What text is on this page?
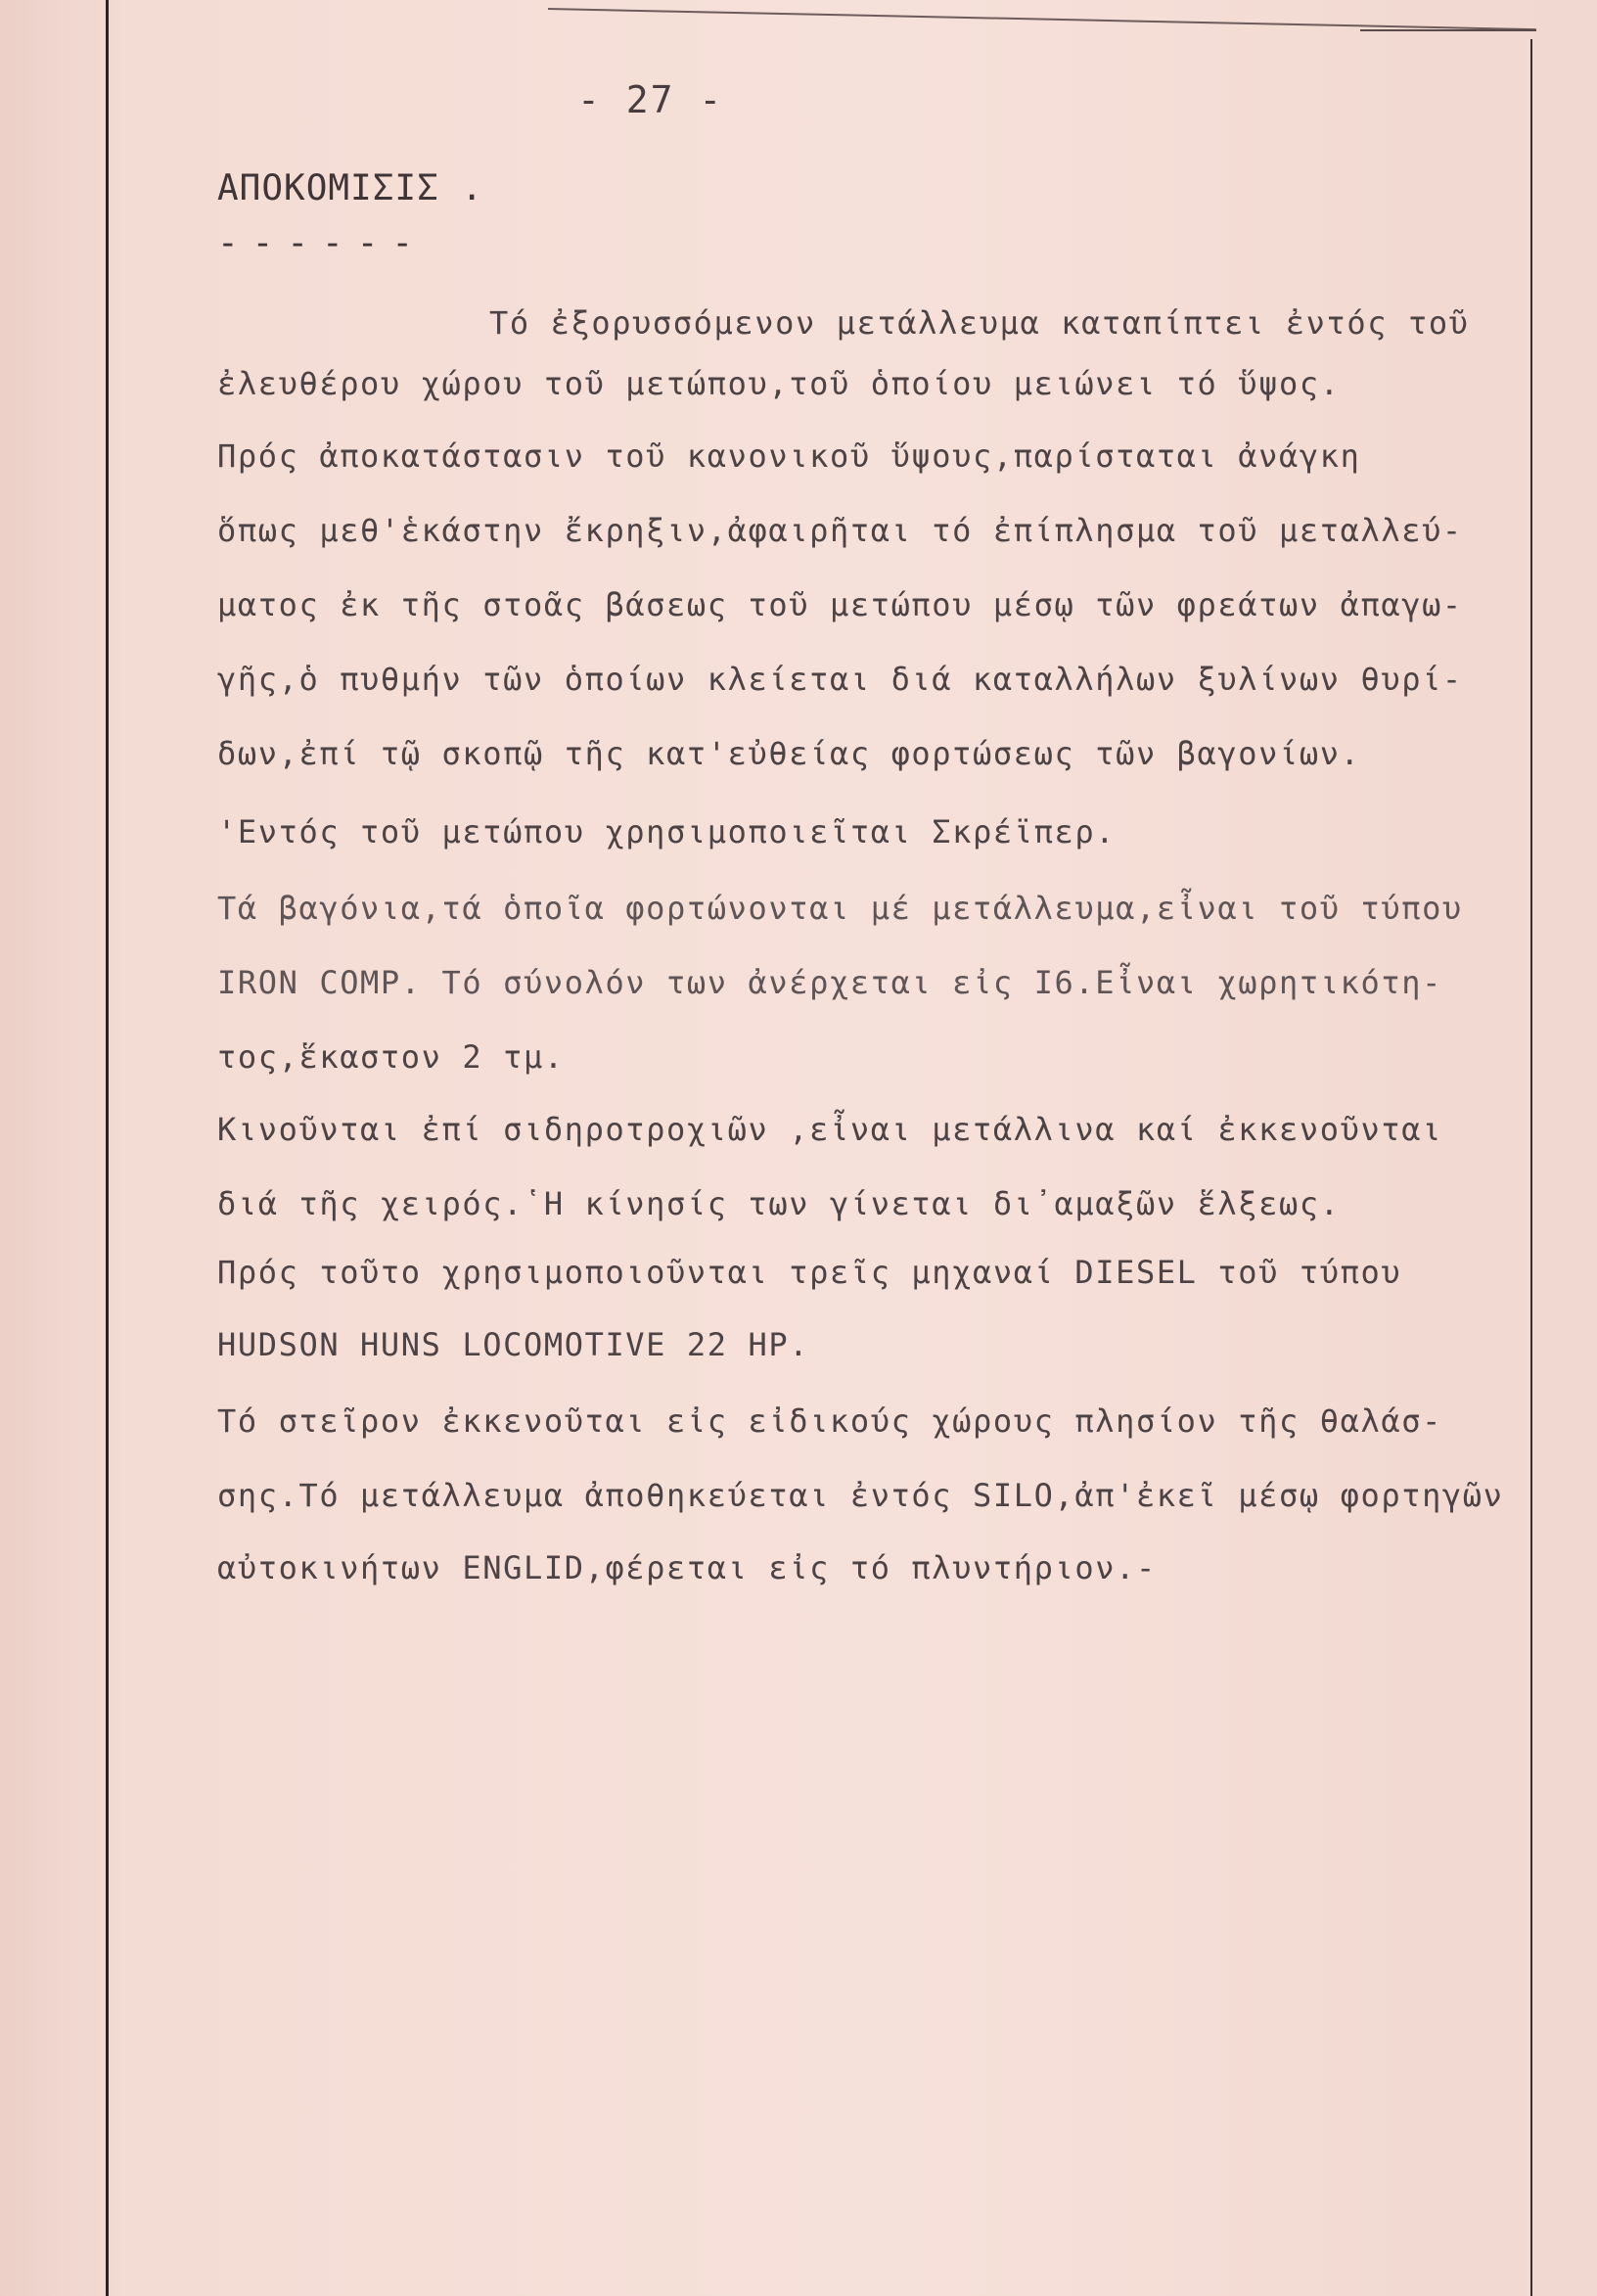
- 27 -
ΑΠΟΚΟΜΙΣΙΣ .
------
Τό ἐξορυσσόμενον μετάλλευμα καταπίπτει ἐντός τοῦ
ἐλευθέρου χώρου τοῦ μετώπου,τοῦ ὁποίου μειώνει τό ὕψος.
Πρός ἀποκατάστασιν τοῦ κανονικοῦ ὕψους,παρίσταται ἀνάγκη
ὅπως μεθ'ἑκάστην ἔκρηξιν,ἀφαιρῆται τό ἐπίπλησμα τοῦ μεταλλεύ-
ματος ἐκ τῆς στοᾶς βάσεως τοῦ μετώπου μέσῳ τῶν φρεάτων ἀπαγω-
γῆς,ὁ πυθμήν τῶν ὁποίων κλείεται διά καταλλήλων ξυλίνων θυρί-
δων,ἐπί τῷ σκοπῷ τῆς κατ'εὐθείας φορτώσεως τῶν βαγονίων.
'Εντός τοῦ μετώπου χρησιμοποιεῖται Σκρέϊπερ.
Τά βαγόνια,τά ὁποῖα φορτώνονται μέ μετάλλευμα,εἶναι τοῦ τύπου
IRON COMP. Τό σύνολόν των ἀνέρχεται εἰς Ι6.Εἶναι χωρητικότη-
τος,ἕκαστον 2 τμ.
Κινοῦνται ἐπί σιδηροτροχιῶν ,εἶναι μετάλλινα καί ἐκκενοῦνται
διά τῆς χειρός.῾Η κίνησίς των γίνεται δι᾽αμαξῶν ἕλξεως.
Πρός τοῦτο χρησιμοποιοῦνται τρεῖς μηχαναί DIESEL τοῦ τύπου
HUDSON HUNS LOCOMOTIVE 22 HP.
Τό στεῖρον ἐκκενοῦται εἰς εἰδικούς χώρους πλησίον τῆς θαλάσ-
σης.Τό μετάλλευμα ἀποθηκεύεται ἐντός SILO,ἀπ'ἐκεῖ μέσῳ φορτηγῶν
αὐτοκινήτων ENGLID,φέρεται εἰς τό πλυντήριον.-
